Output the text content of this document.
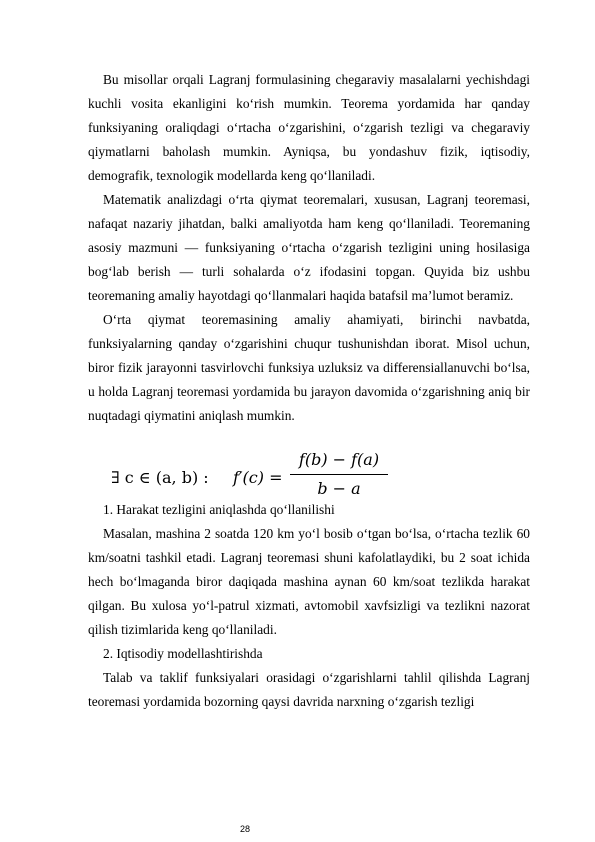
Bu misollar orqali Lagranj formulasining chegaraviy masalalarni yechishdagi kuchli vosita ekanligini ko‘rish mumkin. Teorema yordamida har qanday funksiyaning oraliqdagi o‘rtacha o‘zgarishini, o‘zgarish tezligi va chegaraviy qiymatlarni baholash mumkin. Ayniqsa, bu yondashuv fizik, iqtisodiy, demografik, texnologik modellarda keng qo‘llaniladi.

Matematik analizdagi o‘rta qiymat teoremalari, xususan, Lagranj teoremasi, nafaqat nazariy jihatdan, balki amaliyotda ham keng qo‘llaniladi. Teoremaning asosiy mazmuni — funksiyaning o‘rtacha o‘zgarish tezligini uning hosilasiga bog‘lab berish — turli sohalarda o‘z ifodasini topgan. Quyida biz ushbu teoremaning amaliy hayotdagi qo‘llanmalari haqida batafsil ma’lumot beramiz.

O‘rta qiymat teoremasining amaliy ahamiyati, birinchi navbatda, funksiyalarning qanday o‘zgarishini chuqur tushunishdan iborat. Misol uchun, biror fizik jarayonni tasvirlovchi funksiya uzluksiz va differensiallanuvchi bo‘lsa, u holda Lagranj teoremasi yordamida bu jarayon davomida o‘zgarishning aniq bir nuqtadagi qiymatini aniqlash mumkin.

∃ c ∈ (a, b) : f′(c) =
f(b) − f(a)
b − a

1. Harakat tezligini aniqlashda qo‘llanilishi

Masalan, mashina 2 soatda 120 km yo‘l bosib o‘tgan bo‘lsa, o‘rtacha tezlik 60 km/soatni tashkil etadi. Lagranj teoremasi shuni kafolatlaydiki, bu 2 soat ichida hech bo‘lmaganda biror daqiqada mashina aynan 60 km/soat tezlikda harakat qilgan. Bu xulosa yo‘l-patrul xizmati, avtomobil xavfsizligi va tezlikni nazorat qilish tizimlarida keng qo‘llaniladi.

2. Iqtisodiy modellashtirishda

Talab va taklif funksiyalari orasidagi o‘zgarishlarni tahlil qilishda Lagranj teoremasi yordamida bozorning qaysi davrida narxning o‘zgarish tezligi

28
